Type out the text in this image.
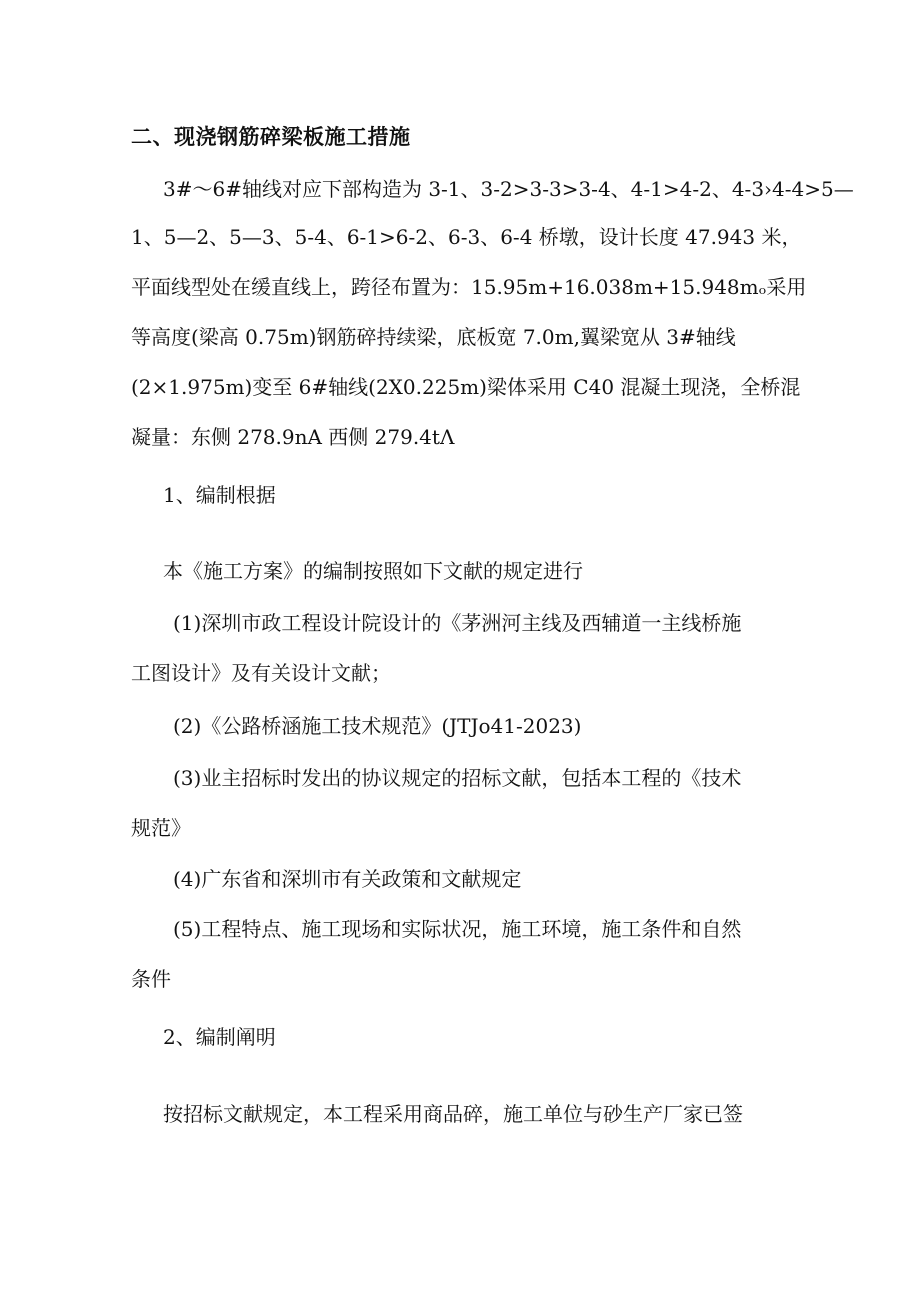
二、现浇钢筋碎梁板施工措施
3#～6#轴线对应下部构造为 3-1、3-2>3-3>3-4、4-1>4-2、4-3›4-4>5—
1、5—2、5—3、5-4、6-1>6-2、6-3、6-4 桥墩，设计长度 47.943 米，
平面线型处在缓直线上，跨径布置为：15.95m+16.038m+15.948mₒ采用
等高度(梁高 0.75m)钢筋碎持续梁，底板宽 7.0m,翼梁宽从 3#轴线
(2×1.975m)变至 6#轴线(2X0.225m)梁体采用 C40 混凝土现浇，全桥混
凝量：东侧 278.9nA 西侧 279.4tΛ
1、编制根据
本《施工方案》的编制按照如下文献的规定进行
(1)深圳市政工程设计院设计的《茅洲河主线及西辅道一主线桥施
工图设计》及有关设计文献；
(2)《公路桥涵施工技术规范》(JTJo41-2023)
(3)业主招标时发出的协议规定的招标文献，包括本工程的《技术
规范》
(4)广东省和深圳市有关政策和文献规定
(5)工程特点、施工现场和实际状况，施工环境，施工条件和自然
条件
2、编制阐明
按招标文献规定，本工程采用商品碎，施工单位与砂生产厂家已签
